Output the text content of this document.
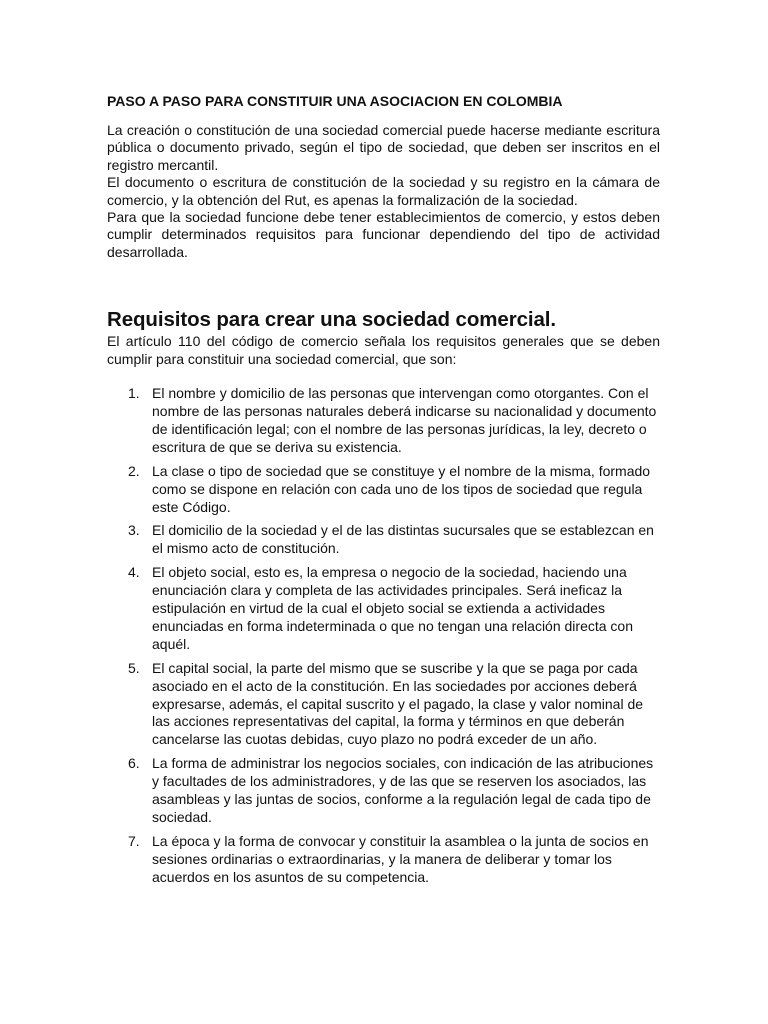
PASO A PASO PARA CONSTITUIR UNA ASOCIACION EN COLOMBIA

La creación o constitución de una sociedad comercial puede hacerse mediante escritura pública o documento privado, según el tipo de sociedad, que deben ser inscritos en el registro mercantil.

El documento o escritura de constitución de la sociedad y su registro en la cámara de comercio, y la obtención del Rut, es apenas la formalización de la sociedad.

Para que la sociedad funcione debe tener establecimientos de comercio, y estos deben cumplir determinados requisitos para funcionar dependiendo del tipo de actividad desarrollada.

Requisitos para crear una sociedad comercial.

El artículo 110 del código de comercio señala los requisitos generales que se deben cumplir para constituir una sociedad comercial, que son:

1. El nombre y domicilio de las personas que intervengan como otorgantes. Con el nombre de las personas naturales deberá indicarse su nacionalidad y documento de identificación legal; con el nombre de las personas jurídicas, la ley, decreto o escritura de que se deriva su existencia.
2. La clase o tipo de sociedad que se constituye y el nombre de la misma, formado como se dispone en relación con cada uno de los tipos de sociedad que regula este Código.
3. El domicilio de la sociedad y el de las distintas sucursales que se establezcan en el mismo acto de constitución.
4. El objeto social, esto es, la empresa o negocio de la sociedad, haciendo una enunciación clara y completa de las actividades principales. Será ineficaz la estipulación en virtud de la cual el objeto social se extienda a actividades enunciadas en forma indeterminada o que no tengan una relación directa con aquél.
5. El capital social, la parte del mismo que se suscribe y la que se paga por cada asociado en el acto de la constitución. En las sociedades por acciones deberá expresarse, además, el capital suscrito y el pagado, la clase y valor nominal de las acciones representativas del capital, la forma y términos en que deberán cancelarse las cuotas debidas, cuyo plazo no podrá exceder de un año.
6. La forma de administrar los negocios sociales, con indicación de las atribuciones y facultades de los administradores, y de las que se reserven los asociados, las asambleas y las juntas de socios, conforme a la regulación legal de cada tipo de sociedad.
7. La época y la forma de convocar y constituir la asamblea o la junta de socios en sesiones ordinarias o extraordinarias, y la manera de deliberar y tomar los acuerdos en los asuntos de su competencia.
